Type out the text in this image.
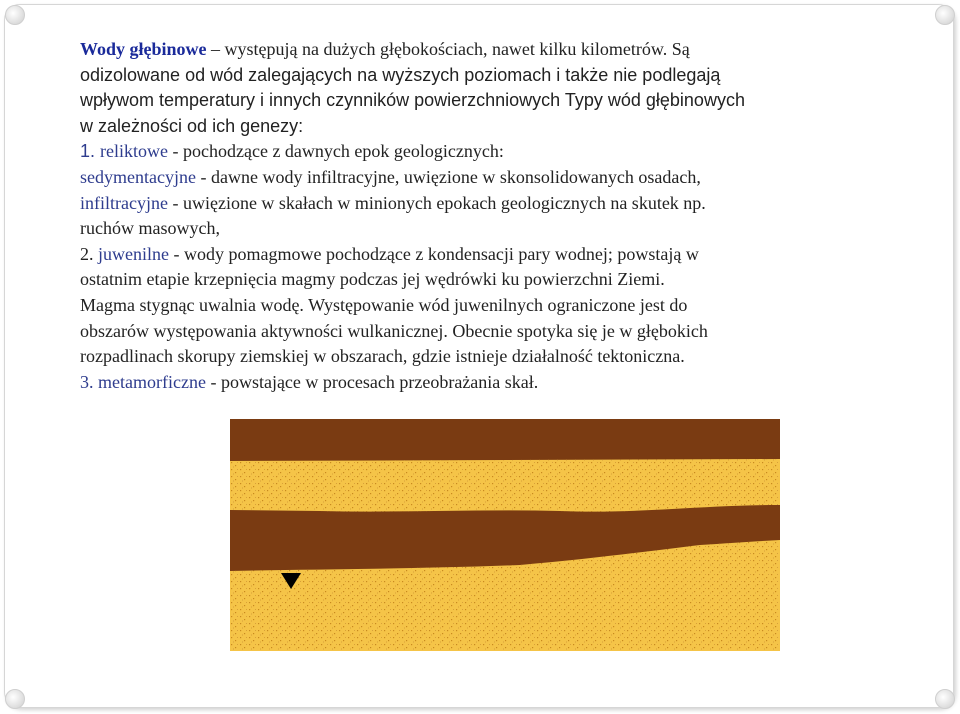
Wody głębinowe – występują na dużych głębokościach, nawet kilku kilometrów. Są
odizolowane od wód zalegających na wyższych poziomach i także nie podlegają
wpływom temperatury i innych czynników powierzchniowych Typy wód głębinowych
w zależności od ich genezy:

1. reliktowe - pochodzące z dawnych epok geologicznych:

sedymentacyjne - dawne wody infiltracyjne, uwięzione w skonsolidowanych osadach,

infiltracyjne - uwięzione w skałach w minionych epokach geologicznych na skutek np.
ruchów masowych,

2. juwenilne - wody pomagmowe pochodzące z kondensacji pary wodnej; powstają w
ostatnim etapie krzepnięcia magmy podczas jej wędrówki ku powierzchni Ziemi.
Magma stygnąc uwalnia wodę. Występowanie wód juwenilnych ograniczone jest do
obszarów występowania aktywności wulkanicznej. Obecnie spotyka się je w głębokich
rozpadlinach skorupy ziemskiej w obszarach, gdzie istnieje działalność tektoniczna.

3. metamorficzne - powstające w procesach przeobrażania skał.
